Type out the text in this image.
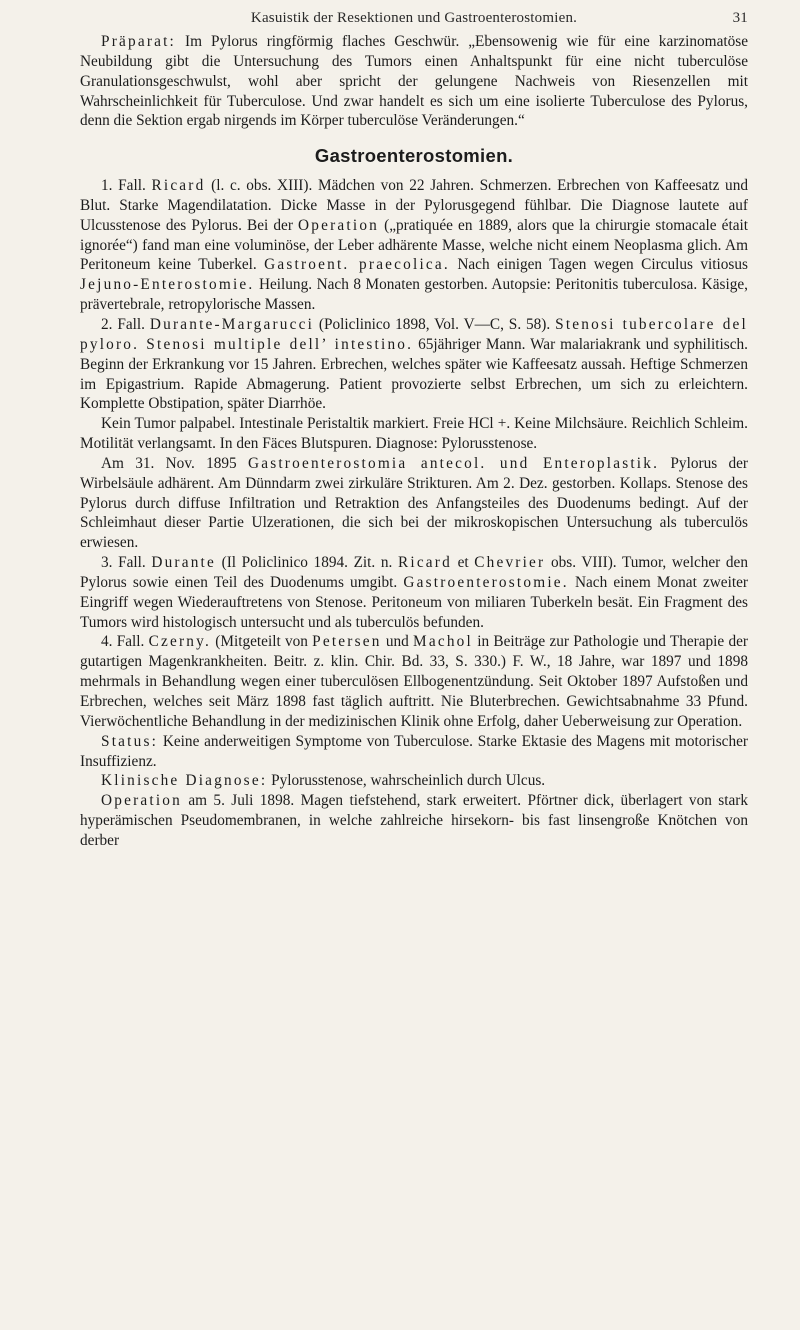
Kasuistik der Resektionen und Gastroenterostomien.	31

Präparat: Im Pylorus ringförmig flaches Geschwür. „Ebensowenig wie für eine karzinomatöse Neubildung gibt die Untersuchung des Tumors einen Anhaltspunkt für eine nicht tuberculöse Granulationsgeschwulst, wohl aber spricht der gelungene Nachweis von Riesenzellen mit Wahrscheinlichkeit für Tuberculose. Und zwar handelt es sich um eine isolierte Tuberculose des Pylorus, denn die Sektion ergab nirgends im Körper tuberculöse Veränderungen.“

Gastroenterostomien.

1. Fall. Ricard (l. c. obs. XIII). Mädchen von 22 Jahren. Schmerzen. Erbrechen von Kaffeesatz und Blut. Starke Magendilatation. Dicke Masse in der Pylorusgegend fühlbar. Die Diagnose lautete auf Ulcusstenose des Pylorus. Bei der Operation („pratiquée en 1889, alors que la chirurgie stomacale était ignorée“) fand man eine voluminöse, der Leber adhärente Masse, welche nicht einem Neoplasma glich. Am Peritoneum keine Tuberkel. Gastroent. praecolica. Nach einigen Tagen wegen Circulus vitiosus Jejuno-Enterostomie. Heilung. Nach 8 Monaten gestorben. Autopsie: Peritonitis tuberculosa. Käsige, prävertebrale, retropylorische Massen.

2. Fall. Durante-Margarucci (Policlinico 1898, Vol. V—C, S. 58). Stenosi tubercolare del pyloro. Stenosi multiple dell’ intestino. 65jähriger Mann. War malariakrank und syphilitisch. Beginn der Erkrankung vor 15 Jahren. Erbrechen, welches später wie Kaffeesatz aussah. Heftige Schmerzen im Epigastrium. Rapide Abmagerung. Patient provozierte selbst Erbrechen, um sich zu erleichtern. Komplette Obstipation, später Diarrhöe.

Kein Tumor palpabel. Intestinale Peristaltik markiert. Freie HCl +. Keine Milchsäure. Reichlich Schleim. Motilität verlangsamt. In den Fäces Blutspuren. Diagnose: Pylorusstenose.

Am 31. Nov. 1895 Gastroenterostomia antecol. und Enteroplastik. Pylorus der Wirbelsäule adhärent. Am Dünndarm zwei zirkuläre Strikturen. Am 2. Dez. gestorben. Kollaps. Stenose des Pylorus durch diffuse Infiltration und Retraktion des Anfangsteiles des Duodenums bedingt. Auf der Schleimhaut dieser Partie Ulzerationen, die sich bei der mikroskopischen Untersuchung als tuberculös erwiesen.

3. Fall. Durante (Il Policlinico 1894. Zit. n. Ricard et Chevrier obs. VIII). Tumor, welcher den Pylorus sowie einen Teil des Duodenums umgibt. Gastroenterostomie. Nach einem Monat zweiter Eingriff wegen Wiederauftretens von Stenose. Peritoneum von miliaren Tuberkeln besät. Ein Fragment des Tumors wird histologisch untersucht und als tuberculös befunden.

4. Fall. Czerny. (Mitgeteilt von Petersen und Machol in Beiträge zur Pathologie und Therapie der gutartigen Magenkrankheiten. Beitr. z. klin. Chir. Bd. 33, S. 330.) F. W., 18 Jahre, war 1897 und 1898 mehrmals in Behandlung wegen einer tuberculösen Ellbogenentzündung. Seit Oktober 1897 Aufstoßen und Erbrechen, welches seit März 1898 fast täglich auftritt. Nie Bluterbrechen. Gewichtsabnahme 33 Pfund. Vierwöchentliche Behandlung in der medizinischen Klinik ohne Erfolg, daher Ueberweisung zur Operation.

Status: Keine anderweitigen Symptome von Tuberculose. Starke Ektasie des Magens mit motorischer Insuffizienz.

Klinische Diagnose: Pylorusstenose, wahrscheinlich durch Ulcus.

Operation am 5. Juli 1898. Magen tiefstehend, stark erweitert. Pförtner dick, überlagert von stark hyperämischen Pseudomembranen, in welche zahlreiche hirsekorn- bis fast linsengroße Knötchen von derber
